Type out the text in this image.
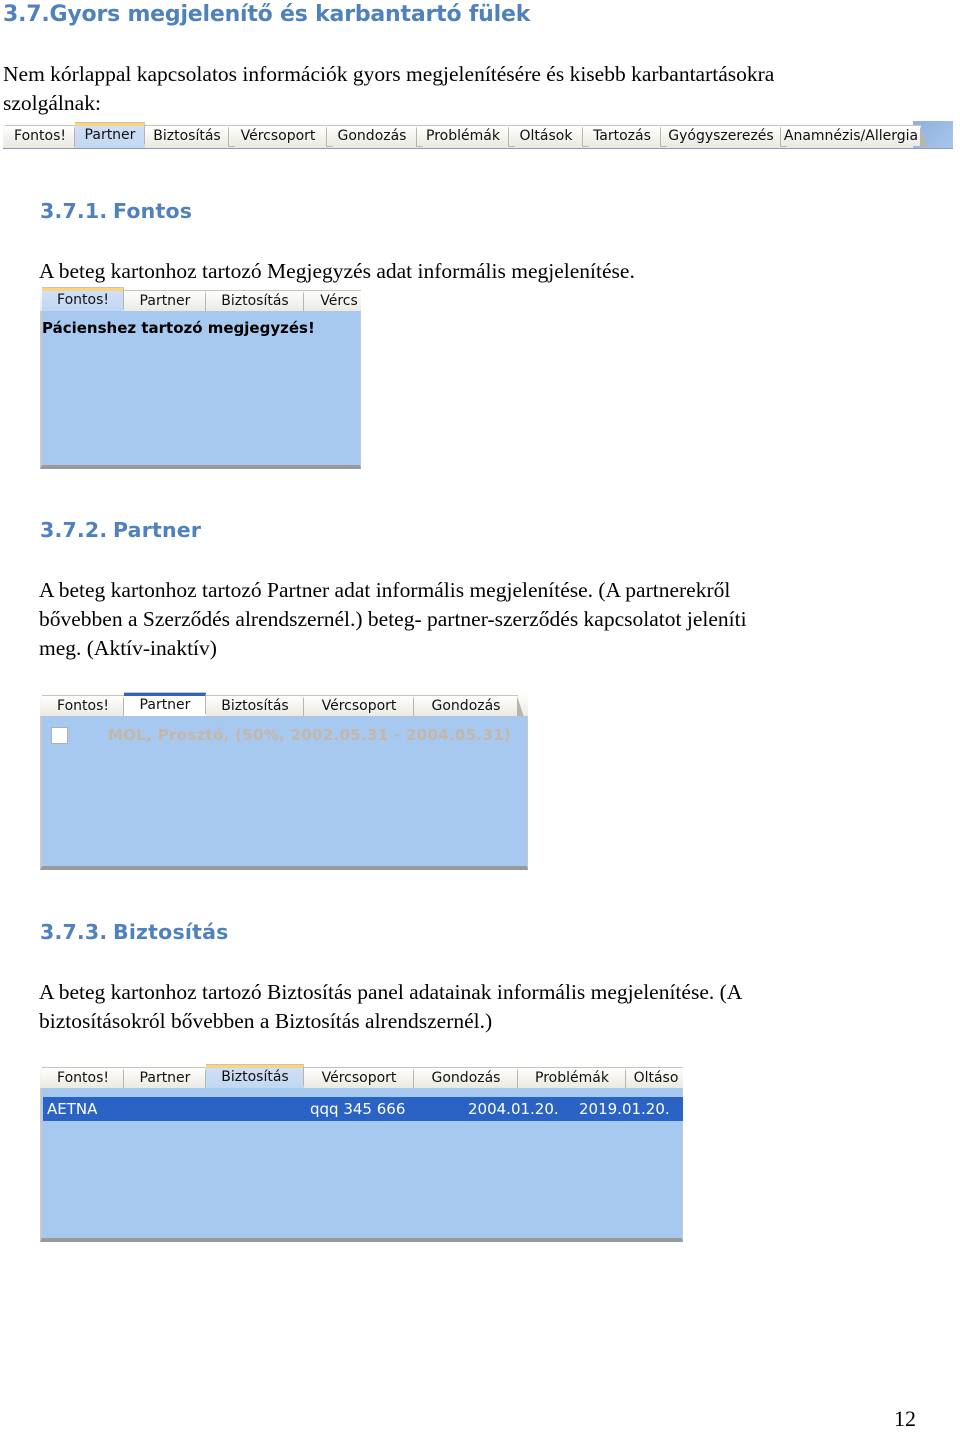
3.7.Gyors megjelenítő és karbantartó fülek
Nem kórlappal kapcsolatos információk gyors megjelenítésére és kisebb karbantartásokra
szolgálnak:
Fontos!	Partner	Biztosítás	Vércsoport	Gondozás	Problémák	Oltások	Tartozás	Gyógyszerezés Anamnézis/Allergia
3.7.1. Fontos
A beteg kartonhoz tartozó Megjegyzés adat informális megjelenítése.
Fontos!	Partner	Biztosítás	Vércs
Pácienshez tartozó megjegyzés!
3.7.2. Partner
A beteg kartonhoz tartozó Partner adat informális megjelenítése. (A partnerekről
bővebben a Szerződés alrendszernél.) beteg- partner-szerződés kapcsolatot jeleníti
meg. (Aktív-inaktív)
Fontos!	Partner	Biztosítás	Vércsoport	Gondozás
MOL, Prosztó, (50%, 2002.05.31 - 2004.05.31)
3.7.3. Biztosítás
A beteg kartonhoz tartozó Biztosítás panel adatainak informális megjelenítése. (A
biztosításokról bővebben a Biztosítás alrendszernél.)
Fontos!	Partner	Biztosítás	Vércsoport	Gondozás	Problémák	Oltáso
AETNA	qqq 345 666	2004.01.20. 2019.01.20.
12
